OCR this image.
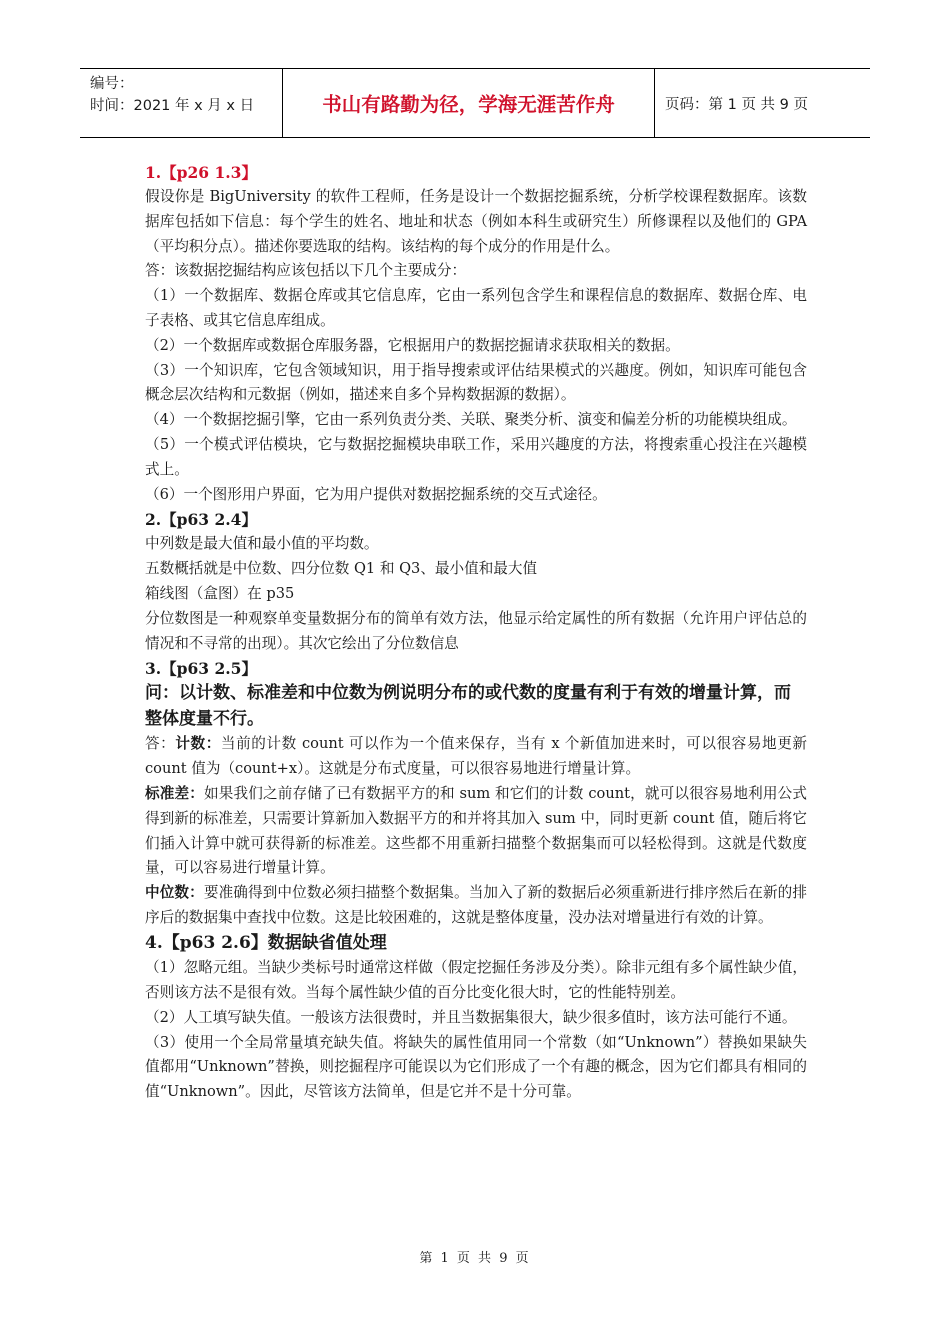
编号：
时间：2021 年 x 月 x 日	书山有路勤为径，学海无涯苦作舟	页码：第 1 页 共 9 页
1.【p26 1.3】

假设你是 BigUniversity 的软件工程师，任务是设计一个数据挖掘系统，分析学校课程数据库。该数据库包括如下信息：每个学生的姓名、地址和状态（例如本科生或研究生）所修课程以及他们的 GPA（平均积分点）。描述你要选取的结构。该结构的每个成分的作用是什么。

答：该数据挖掘结构应该包括以下几个主要成分：

（1）一个数据库、数据仓库或其它信息库，它由一系列包含学生和课程信息的数据库、数据仓库、电子表格、或其它信息库组成。

（2）一个数据库或数据仓库服务器，它根据用户的数据挖掘请求获取相关的数据。

（3）一个知识库，它包含领域知识，用于指导搜索或评估结果模式的兴趣度。例如，知识库可能包含概念层次结构和元数据（例如，描述来自多个异构数据源的数据）。

（4）一个数据挖掘引擎，它由一系列负责分类、关联、聚类分析、演变和偏差分析的功能模块组成。

（5）一个模式评估模块，它与数据挖掘模块串联工作，采用兴趣度的方法，将搜索重心投注在兴趣模式上。

（6）一个图形用户界面，它为用户提供对数据挖掘系统的交互式途径。

2.【p63 2.4】

中列数是最大值和最小值的平均数。

五数概括就是中位数、四分位数 Q1 和 Q3、最小值和最大值

箱线图（盒图）在 p35

分位数图是一种观察单变量数据分布的简单有效方法，他显示给定属性的所有数据（允许用户评估总的情况和不寻常的出现）。其次它绘出了分位数信息

3.【p63 2.5】
问：以计数、标准差和中位数为例说明分布的或代数的度量有利于有效的增量计算，而整体度量不行。

答：计数：当前的计数 count 可以作为一个值来保存，当有 x 个新值加进来时，可以很容易地更新 count 值为（count+x）。这就是分布式度量，可以很容易地进行增量计算。

标准差：如果我们之前存储了已有数据平方的和 sum 和它们的计数 count，就可以很容易地利用公式得到新的标准差，只需要计算新加入数据平方的和并将其加入 sum 中，同时更新 count 值，随后将它们插入计算中就可获得新的标准差。这些都不用重新扫描整个数据集而可以轻松得到。这就是代数度量，可以容易进行增量计算。

中位数：要准确得到中位数必须扫描整个数据集。当加入了新的数据后必须重新进行排序然后在新的排序后的数据集中查找中位数。这是比较困难的，这就是整体度量，没办法对增量进行有效的计算。

4.【p63 2.6】数据缺省值处理

（1）忽略元组。当缺少类标号时通常这样做（假定挖掘任务涉及分类）。除非元组有多个属性缺少值，否则该方法不是很有效。当每个属性缺少值的百分比变化很大时，它的性能特别差。

（2）人工填写缺失值。一般该方法很费时，并且当数据集很大，缺少很多值时，该方法可能行不通。

（3）使用一个全局常量填充缺失值。将缺失的属性值用同一个常数（如“Unknown”）替换如果缺失值都用“Unknown”替换，则挖掘程序可能误以为它们形成了一个有趣的概念，因为它们都具有相同的值“Unknown”。因此，尽管该方法简单，但是它并不是十分可靠。

第 1 页 共 9 页
